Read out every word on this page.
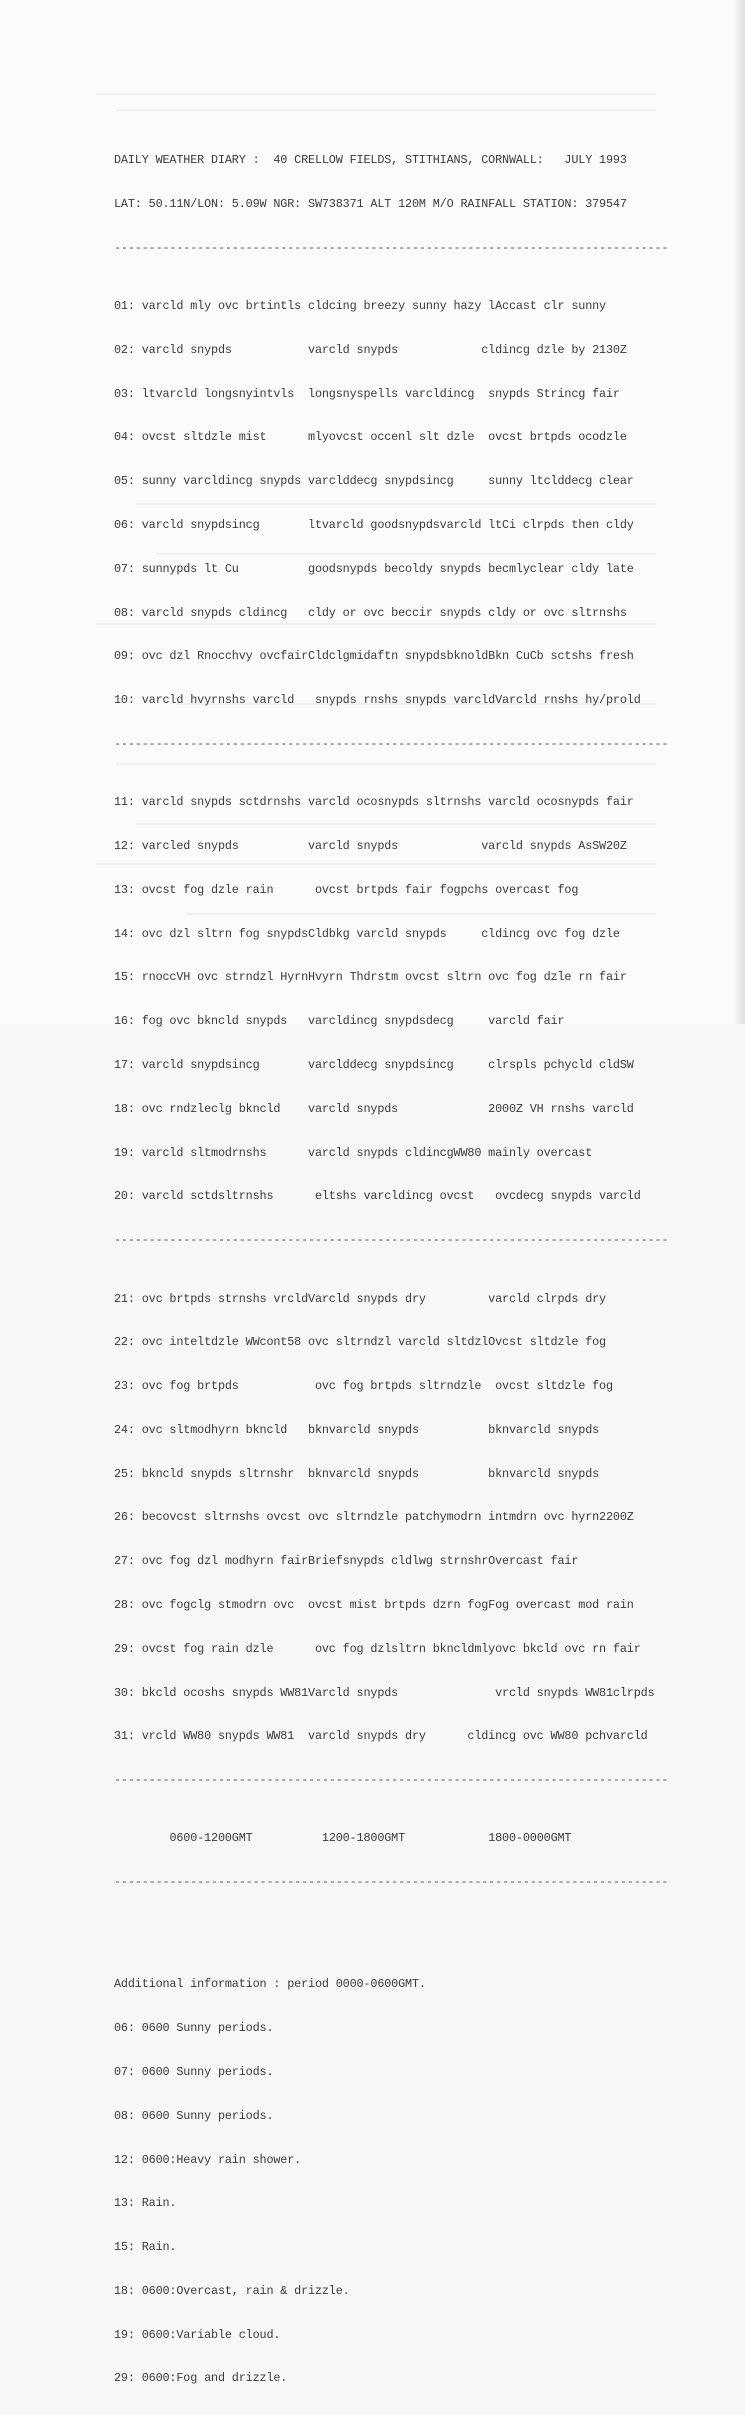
DAILY WEATHER DIARY :  40 CRELLOW FIELDS, STITHIANS, CORNWALL:   JULY 1993

LAT: 50.11N/LON: 5.09W NGR: SW738371 ALT 120M M/O RAINFALL STATION: 379547

--------------------------------------------------------------------------------

01: varcld mly ovc brtintls cldcing breezy sunny hazy lAccast clr sunny

02: varcld snypds           varcld snypds            cldincg dzle by 2130Z

03: ltvarcld longsnyintvls  longsnyspells varcldincg  snypds Strincg fair

04: ovcst sltdzle mist      mlyovcst occenl slt dzle  ovcst brtpds ocodzle

05: sunny varcldincg snypds varclddecg snypdsincg     sunny ltclddecg clear

06: varcld snypdsincg       ltvarcld goodsnypdsvarcld ltCi clrpds then cldy

07: sunnypds lt Cu          goodsnypds becoldy snypds becmlyclear cldy late

08: varcld snypds cldincg   cldy or ovc beccir snypds cldy or ovc sltrnshs

09: ovc dzl Rnocchvy ovcfairCldclgmidaftn snypdsbknoldBkn CuCb sctshs fresh

10: varcld hvyrnshs varcld   snypds rnshs snypds varcldVarcld rnshs hy/prold

--------------------------------------------------------------------------------

11: varcld snypds sctdrnshs varcld ocosnypds sltrnshs varcld ocosnypds fair

12: varcled snypds          varcld snypds            varcld snypds AsSW20Z

13: ovcst fog dzle rain      ovcst brtpds fair fogpchs overcast fog

14: ovc dzl sltrn fog snypdsCldbkg varcld snypds     cldincg ovc fog dzle

15: rnoccVH ovc strndzl HyrnHvyrn Thdrstm ovcst sltrn ovc fog dzle rn fair

16: fog ovc bkncld snypds   varcldincg snypdsdecg     varcld fair

17: varcld snypdsincg       varclddecg snypdsincg     clrspls pchycld cldSW

18: ovc rndzleclg bkncld    varcld snypds             2000Z VH rnshs varcld

19: varcld sltmodrnshs      varcld snypds cldincgWW80 mainly overcast

20: varcld sctdsltrnshs      eltshs varcldincg ovcst   ovcdecg snypds varcld

--------------------------------------------------------------------------------

21: ovc brtpds strnshs vrcldVarcld snypds dry         varcld clrpds dry

22: ovc inteltdzle WWcont58 ovc sltrndzl varcld sltdzlOvcst sltdzle fog

23: ovc fog brtpds           ovc fog brtpds sltrndzle  ovcst sltdzle fog

24: ovc sltmodhyrn bkncld   bknvarcld snypds          bknvarcld snypds

25: bkncld snypds sltrnshr  bknvarcld snypds          bknvarcld snypds

26: becovcst sltrnshs ovcst ovc sltrndzle patchymodrn intmdrn ovc hyrn2200Z

27: ovc fog dzl modhyrn fairBriefsnypds cldlwg strnshrOvercast fair

28: ovc fogclg stmodrn ovc  ovcst mist brtpds dzrn fogFog overcast mod rain

29: ovcst fog rain dzle      ovc fog dzlsltrn bkncldmlyovc bkcld ovc rn fair

30: bkcld ocoshs snypds WW81Varcld snypds              vrcld snypds WW81clrpds

31: vrcld WW80 snypds WW81  varcld snypds dry      cldincg ovc WW80 pchvarcld

--------------------------------------------------------------------------------

0600-1200GMT	1200-1800GMT	1800-0000GMT

--------------------------------------------------------------------------------

Additional information : period 0000-0600GMT.

06: 0600 Sunny periods.

07: 0600 Sunny periods.

08: 0600 Sunny periods.

12: 0600:Heavy rain shower.

13: Rain.

15: Rain.

18: 0600:Overcast, rain & drizzle.

19: 0600:Variable cloud.

29: 0600:Fog and drizzle.
